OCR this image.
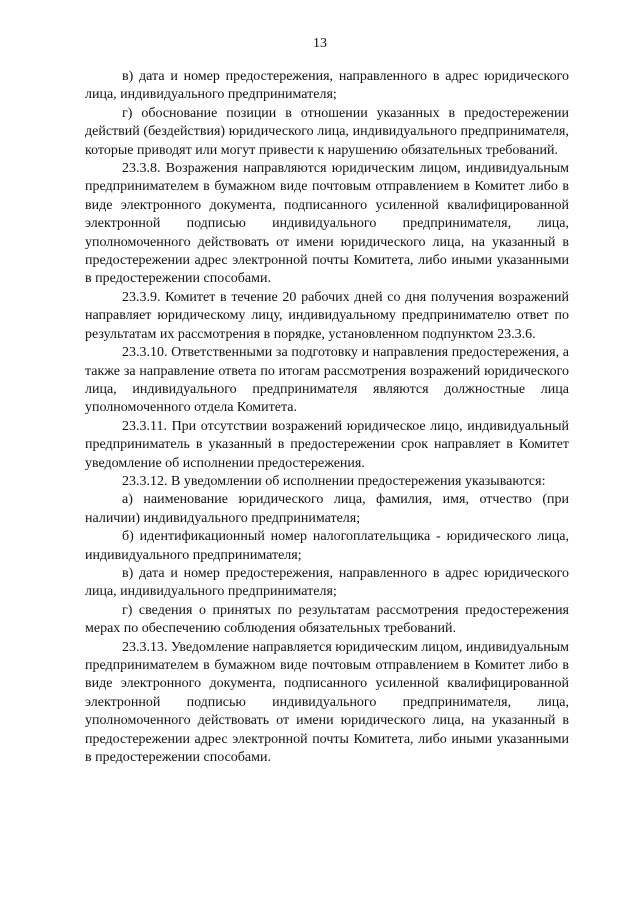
13

в) дата и номер предостережения, направленного в адрес юридического лица, индивидуального предпринимателя;

г) обоснование позиции в отношении указанных в предостережении действий (бездействия) юридического лица, индивидуального предпринимателя, которые приводят или могут привести к нарушению обязательных требований.

23.3.8. Возражения направляются юридическим лицом, индивидуальным предпринимателем в бумажном виде почтовым отправлением в Комитет либо в виде электронного документа, подписанного усиленной квалифицированной электронной подписью индивидуального предпринимателя, лица, уполномоченного действовать от имени юридического лица, на указанный в предостережении адрес электронной почты Комитета, либо иными указанными в предостережении способами.

23.3.9. Комитет в течение 20 рабочих дней со дня получения возражений направляет юридическому лицу, индивидуальному предпринимателю ответ по результатам их рассмотрения в порядке, установленном подпунктом 23.3.6.

23.3.10. Ответственными за подготовку и направления предостережения, а также за направление ответа по итогам рассмотрения возражений юридического лица, индивидуального предпринимателя являются должностные лица уполномоченного отдела Комитета.

23.3.11. При отсутствии возражений юридическое лицо, индивидуальный предприниматель в указанный в предостережении срок направляет в Комитет уведомление об исполнении предостережения.

23.3.12. В уведомлении об исполнении предостережения указываются:

а) наименование юридического лица, фамилия, имя, отчество (при наличии) индивидуального предпринимателя;

б) идентификационный номер налогоплательщика - юридического лица, индивидуального предпринимателя;

в) дата и номер предостережения, направленного в адрес юридического лица, индивидуального предпринимателя;

г) сведения о принятых по результатам рассмотрения предостережения мерах по обеспечению соблюдения обязательных требований.

23.3.13. Уведомление направляется юридическим лицом, индивидуальным предпринимателем в бумажном виде почтовым отправлением в Комитет либо в виде электронного документа, подписанного усиленной квалифицированной электронной подписью индивидуального предпринимателя, лица, уполномоченного действовать от имени юридического лица, на указанный в предостережении адрес электронной почты Комитета, либо иными указанными в предостережении способами.
